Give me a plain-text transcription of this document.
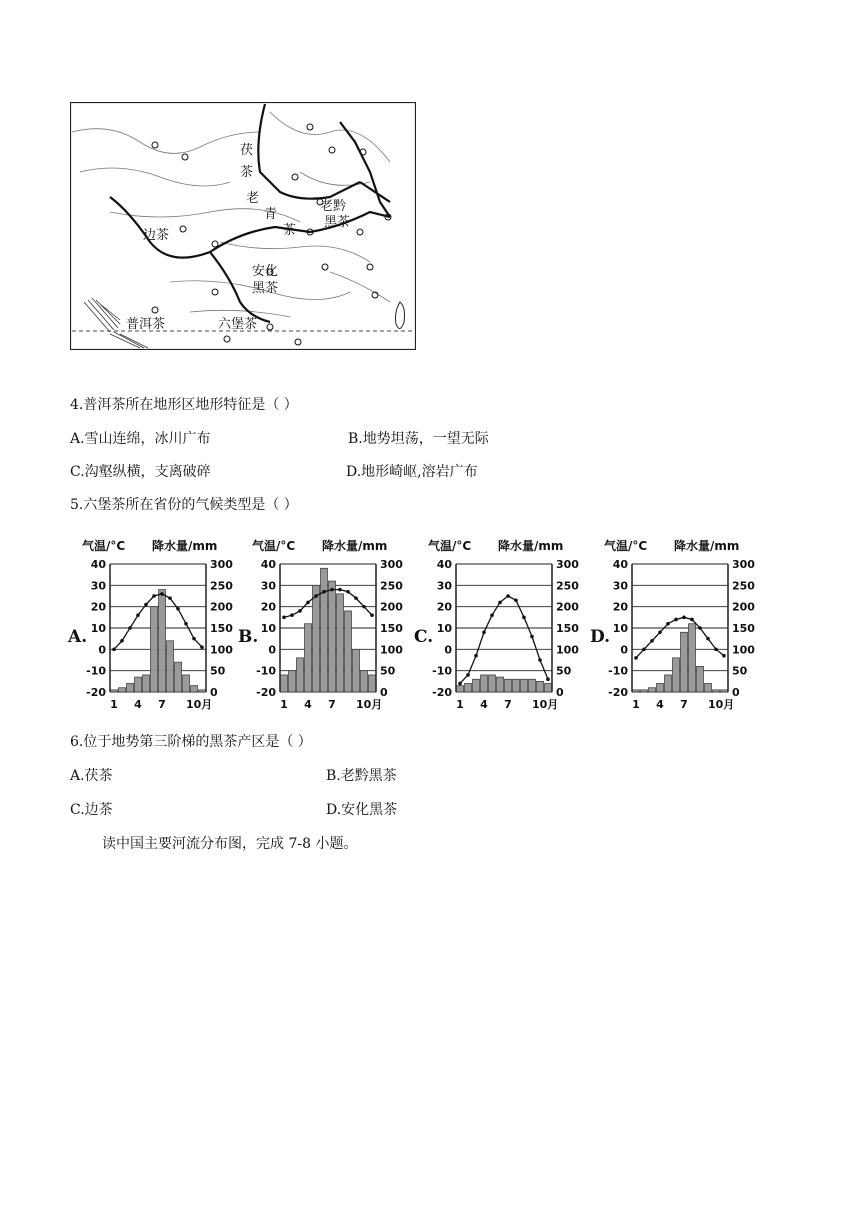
茯茶
边茶
老青茶
老黔黑茶
安化黑茶
普洱茶	六堡茶
4.普洱茶所在地形区地形特征是（ ）
A.雪山连绵，冰川广布	B.地势坦荡，一望无际
C.沟壑纵横，支离破碎	D.地形崎岖,溶岩广布
5.六堡茶所在省份的气候类型是（ ）
气温/°C 降水量/mm
A.
40
30
20
10
0
-10
-20
300
250
200
150
100
50
0
1 4 7 10月
气温/°C 降水量/mm
B.
40
30
20
10
0
-10
-20
300
250
200
150
100
50
0
1 4 7 10月
气温/°C 降水量/mm
C.
40
30
20
10
0
-10
-20
300
250
200
150
100
50
0
1 4 7 10月
气温/°C 降水量/mm
D.
40
30
20
10
0
-10
-20
300
250
200
150
100
50
0
1 4 7 10月
6.位于地势第三阶梯的黑茶产区是（ ）
A.茯茶	B.老黔黑茶
C.边茶	D.安化黑茶
读中国主要河流分布图，完成 7-8 小题。
